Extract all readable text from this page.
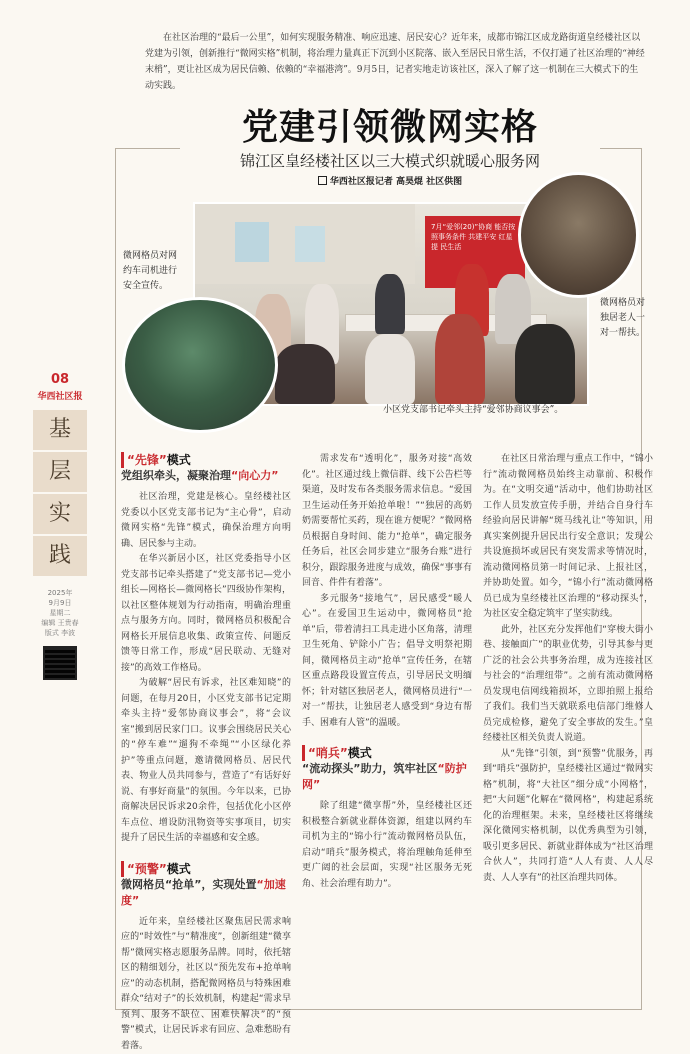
在社区治理的“最后一公里”，如何实现服务精准、响应迅速、居民安心？近年来，成都市锦江区成龙路街道皇经楼社区以党建为引领，创新推行“微网实格”机制，将治理力量真正下沉到小区院落、嵌入至居民日常生活，不仅打通了社区治理的“神经末梢”，更让社区成为居民信赖、依赖的“幸福港湾”。9月5日，记者实地走访该社区，深入了解了这一机制在三大模式下的生动实践。

党建引领微网实格

锦江区皇经楼社区以三大模式织就暖心服务网

华西社区报记者 高昊焜 社区供图
7月“爱邻(20)”协商 能否按照事务条件 共建平安 红星提 民生活

微网格员对网约车司机进行安全宣传。

微网格员对独居老人一对一帮扶。

小区党支部书记牵头主持“爱邻协商议事会”。

08
华西社区报
基
层
实
践
2025年
9月9日
星期二
编辑 王贵春
版式 李波
“先锋”模式
党组织牵头，凝聚治理“向心力”

社区治理，党建是核心。皇经楼社区党委以小区党支部书记为“主心骨”，启动微网实格“先锋”模式，确保治理方向明确、居民参与主动。

在华兴新居小区，社区党委指导小区党支部书记牵头搭建了“党支部书记—党小组长—网格长—微网格长”四级协作架构，以社区整体规划为行动指南，明确治理重点与服务方向。同时，微网格员积极配合网格长开展信息收集、政策宣传、问题反馈等日常工作，形成“居民联动、无缝对接”的高效工作格局。

为破解“居民有诉求，社区难知晓”的问题，在每月20日，小区党支部书记定期牵头主持“爱邻协商议事会”，将“会议室”搬到居民家门口。议事会围绕居民关心的“停车难”“遛狗不牵绳”“小区绿化养护”等重点问题，邀请微网格员、居民代表、物业人员共同参与，营造了“有话好好说、有事好商量”的氛围。今年以来，已协商解决居民诉求20余件，包括优化小区停车点位、增设防汛物资等实事项目，切实提升了居民生活的幸福感和安全感。

“预警”模式
微网格员“抢单”，实现处置“加速度”

近年来，皇经楼社区聚焦居民需求响应的“时效性”与“精准度”，创新组建“微享帮”微网实格志愿服务品牌。同时，依托辖区的精细划分，社区以“预先发布+抢单响应”的动态机制，搭配微网格员与特殊困难群众“结对子”的长效机制，构建起“需求早预判、服务不缺位、困难快解决”的“预警”模式，让居民诉求有回应、急难愁盼有着落。

需求发布“透明化”，服务对接“高效化”。社区通过线上微信群、线下公告栏等渠道，及时发布各类服务需求信息。“爱国卫生运动任务开始抢单啦！”“独居的高奶奶需要帮忙买药，现在谁方便呢？”微网格员根据自身时间、能力“抢单”，确定服务任务后，社区会同步建立“服务台账”进行积分，跟踪服务进度与成效，确保“事事有回音、件件有着落”。

多元服务“接地气”，居民感受“暖人心”。在爱国卫生运动中，微网格员“抢单”后，带着清扫工具走进小区角落，清理卫生死角、铲除小广告；倡导文明祭祀期间，微网格员主动“抢单”宣传任务，在辖区重点路段设置宣传点，引导居民文明缅怀；针对辖区独居老人，微网格员进行“一对一”帮扶，让独居老人感受到“身边有帮手、困难有人管”的温暖。

“哨兵”模式
“流动探头”助力，筑牢社区“防护网”

除了组建“微享帮”外，皇经楼社区还积极整合新就业群体资源，组建以网约车司机为主的“锦小行”流动微网格员队伍，启动“哨兵”服务模式，将治理触角延伸至更广阔的社会层面，实现“社区服务无死角、社会治理有助力”。

在社区日常治理与重点工作中，“锦小行”流动微网格员始终主动靠前、积极作为。在“文明交通”活动中，他们协助社区工作人员发放宣传手册，并结合自身行车经验向居民讲解“斑马线礼让”等知识，用真实案例提升居民出行安全意识；发现公共设施损坏或居民有突发需求等情况时，流动微网格员第一时间记录、上报社区，并协助处置。如今，“锦小行”流动微网格员已成为皇经楼社区治理的“移动探头”，为社区安全稳定筑牢了坚实防线。

此外，社区充分发挥他们“穿梭大街小巷、接触面广”的职业优势，引导其参与更广泛的社会公共事务治理，成为连接社区与社会的“治理纽带”。之前有流动微网格员发现电信网线箱损坏，立即拍照上报给了我们。我们当天就联系电信部门维修人员完成检修，避免了安全事故的发生。”皇经楼社区相关负责人说道。

从“先锋”引领，到“预警”优服务，再到“哨兵”强防护，皇经楼社区通过“微网实格”机制，将“大社区”细分成“小网格”，把“大问题”化解在“微网格”，构建起系统化的治理框架。未来，皇经楼社区将继续深化微网实格机制，以优秀典型为引领，吸引更多居民、新就业群体成为“社区治理合伙人”，共同打造“人人有责、人人尽责、人人享有”的社区治理共同体。
